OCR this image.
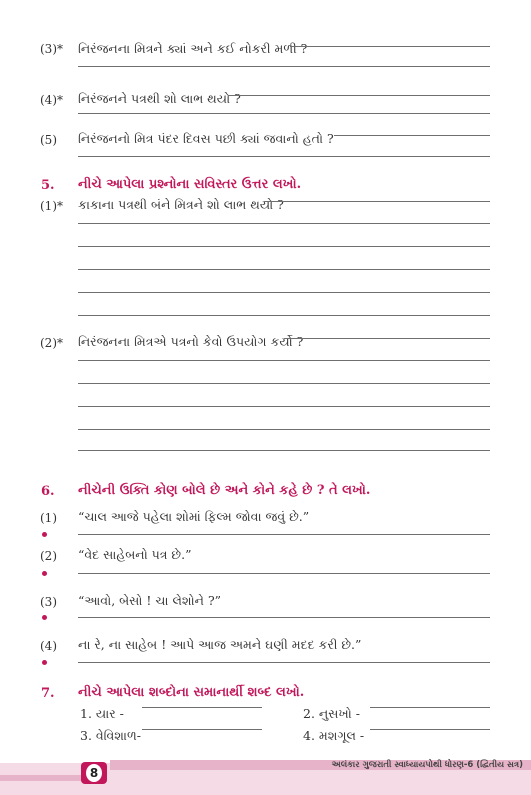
(3)* નિરંજનના મિત્રને ક્યાં અને કઈ નોકરી મળી ?
(4)* નિરંજનને પત્રથી શો લાભ થયો ?
(5) નિરંજનનો મિત્ર પંદર દિવસ પછી ક્યાં જવાનો હતો ?
5. નીચે આપેલા પ્રશ્નોના સવિસ્તર ઉત્તર લખો.
(1)* કાકાના પત્રથી બંને મિત્રને શો લાભ થયો ?
(2)* નિરંજનના મિત્રએ પત્રનો કેવો ઉપયોગ કર્યો ?
6. નીચેની ઉક્તિ કોણ બોલે છે અને કોને કહે છે ? તે લખો.
(1) “ચાલ આજે પહેલા શોમાં ફિલ્મ જોવા જવું છે.”
(2) “વેદ સાહેબનો પત્ર છે.”
(3) “આવો, બેસો ! ચા લેશોને ?”
(4) ના રે, ના સાહેબ ! આપે આજ અમને ઘણી મદદ કરી છે.”
7. નીચે આપેલા શબ્દોના સમાનાર્થી શબ્દ લખો.
1. યાર -	2. નુસખો -
3. વેવિશાળ-	4. મશગૂલ -
અલંકાર ગુજરાતી સ્વાધ્યાયપોથી ધોરણ-6 (દ્વિતીય સત્ર)
8
